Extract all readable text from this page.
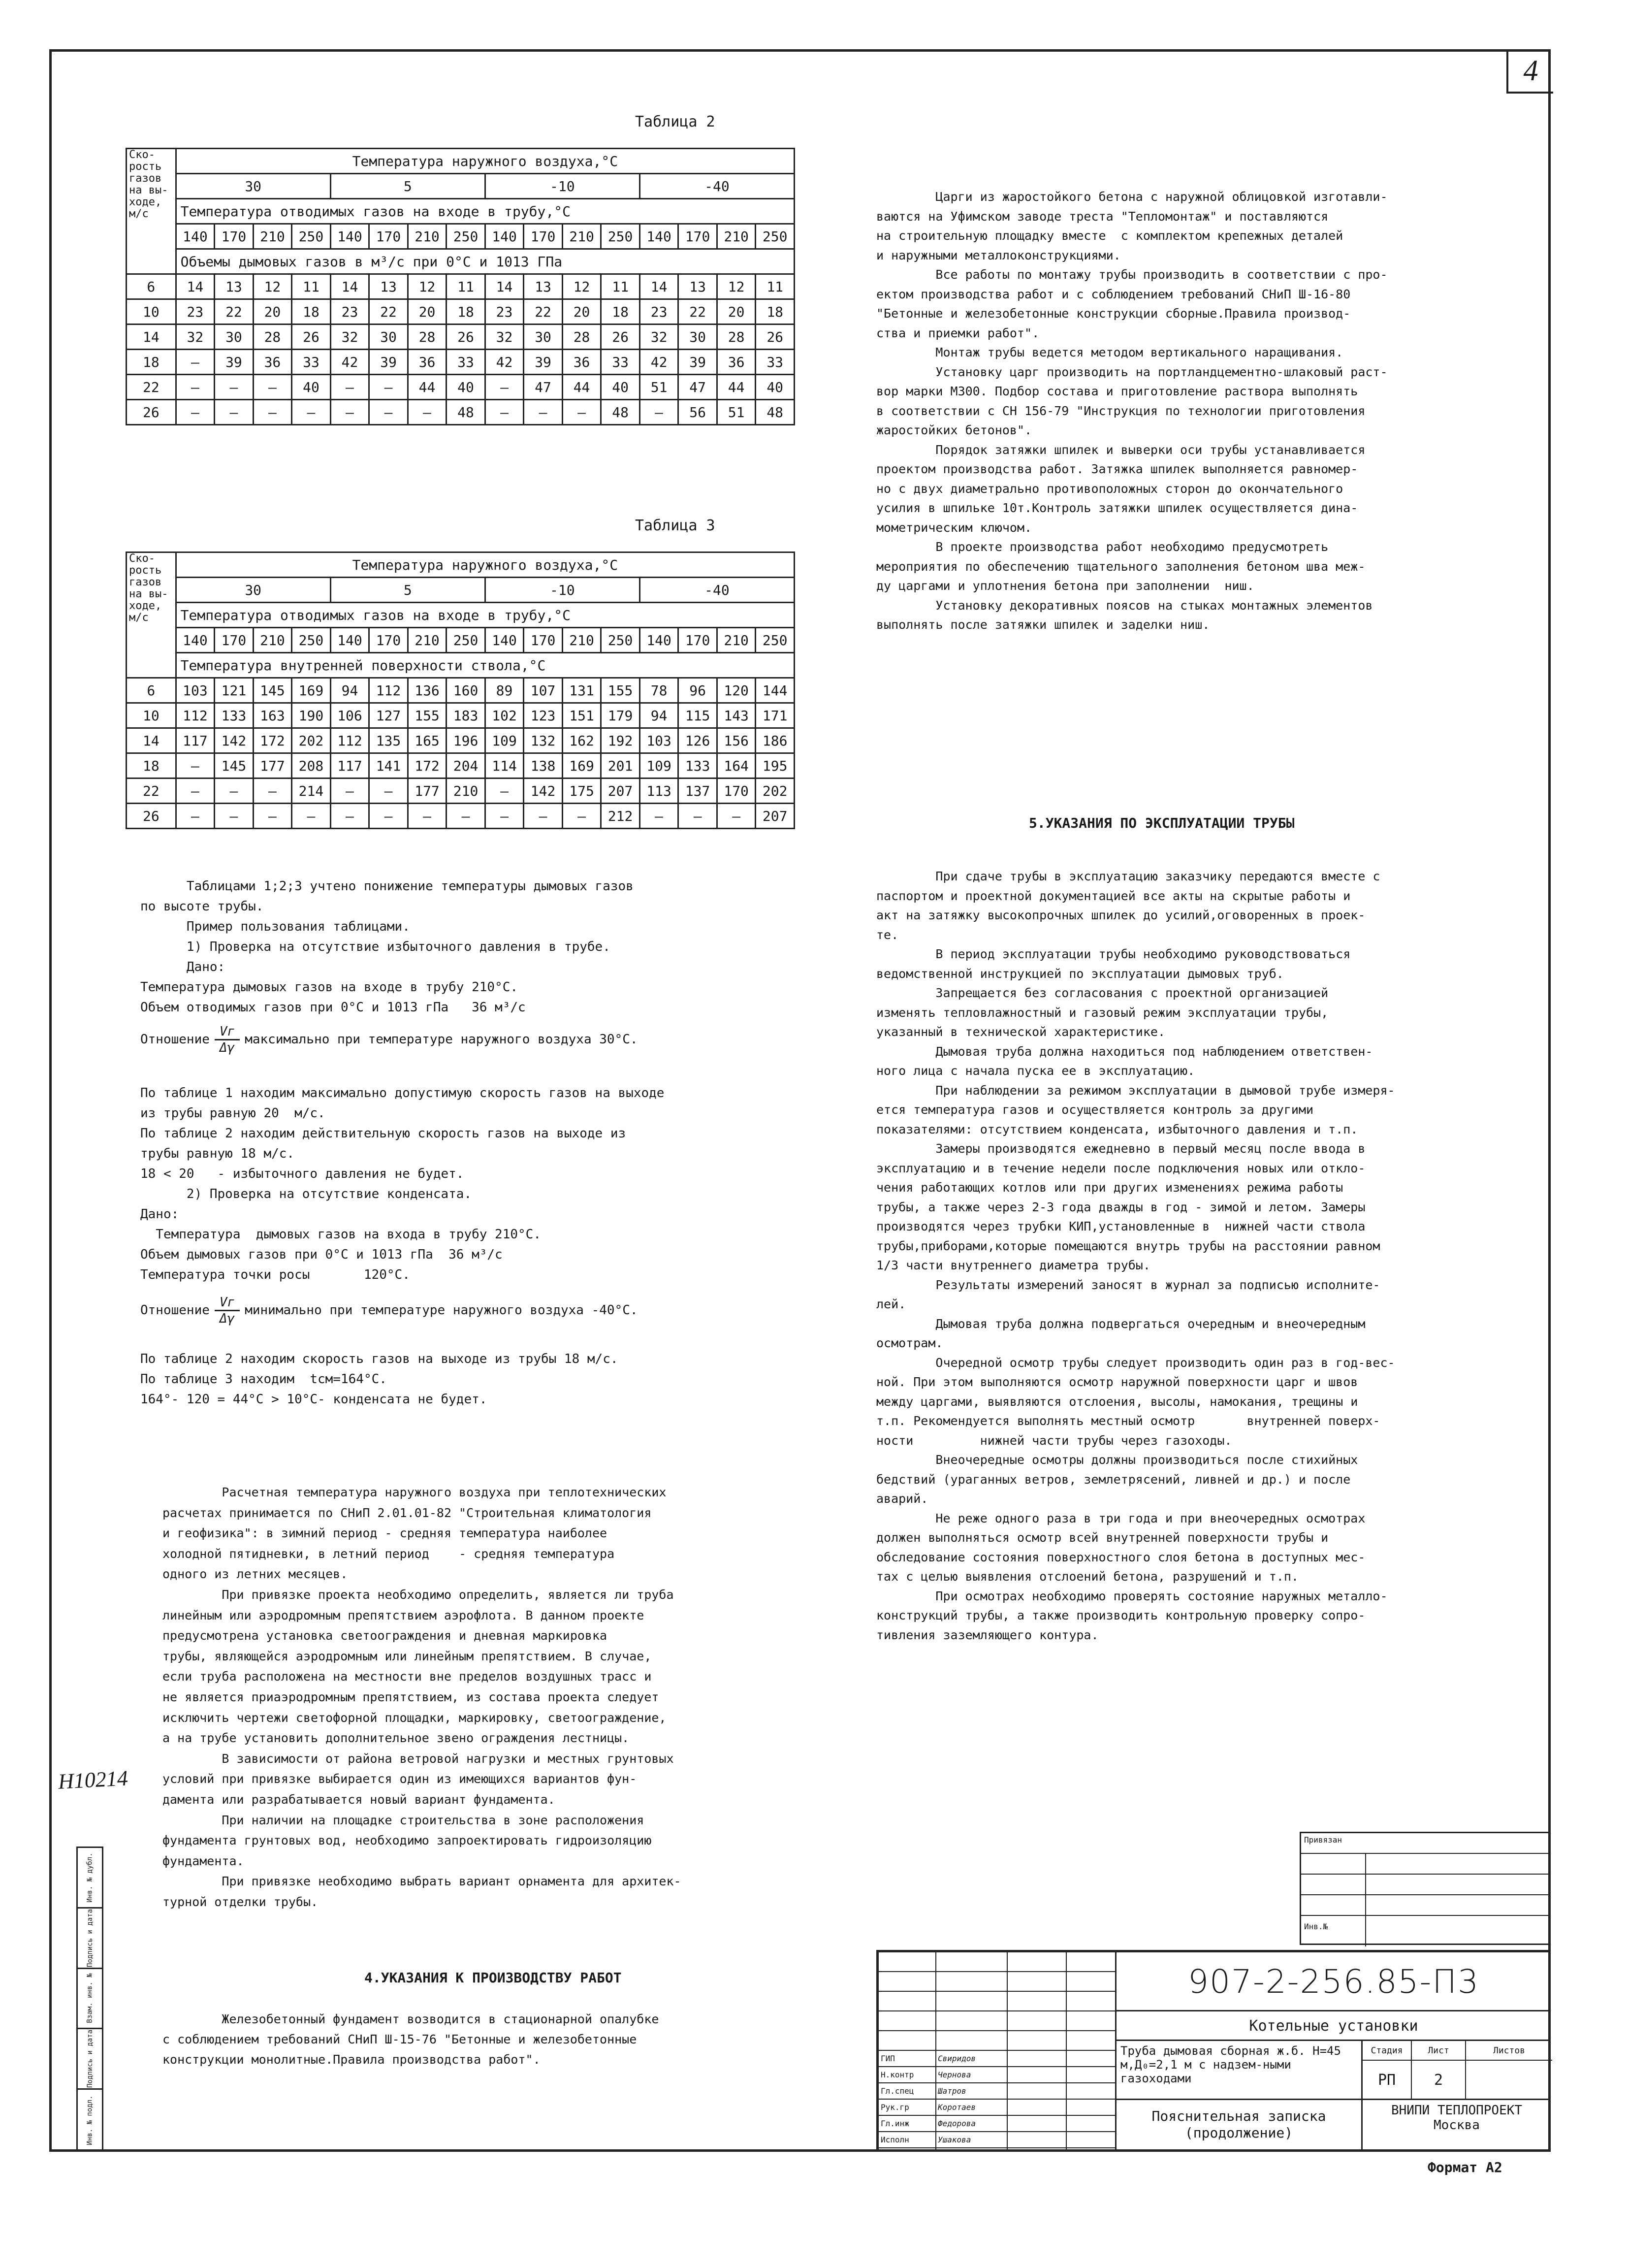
4
Н10214
Инв. № дубл.
Подпись и дата
Взам. инв. №
Подпись и дата
Инв. № подл.
Таблица 2
Ско-рость газов на вы-ходе, м/с	Температура наружного воздуха,°С															
	30				5				-10				-40			
	Температура отводимых газов на входе в трубу,°С															
	140	170	210	250	140	170	210	250	140	170	210	250	140	170	210	250
	Объемы дымовых газов в м³/с при 0°С и 1013 ГПа															
6	14	13	12	11	14	13	12	11	14	13	12	11	14	13	12	11
10	23	22	20	18	23	22	20	18	23	22	20	18	23	22	20	18
14	32	30	28	26	32	30	28	26	32	30	28	26	32	30	28	26
18	—	39	36	33	42	39	36	33	42	39	36	33	42	39	36	33
22	—	—	—	40	—	—	44	40	—	47	44	40	51	47	44	40
26	—	—	—	—	—	—	—	48	—	—	—	48	—	56	51	48
Таблица 3
Ско-рость газов на вы-ходе, м/с	Температура наружного воздуха,°С															
	30				5				-10				-40			
	Температура отводимых газов на входе в трубу,°С															
	140	170	210	250	140	170	210	250	140	170	210	250	140	170	210	250
	Температура внутренней поверхности ствола,°С															
6	103	121	145	169	94	112	136	160	89	107	131	155	78	96	120	144
10	112	133	163	190	106	127	155	183	102	123	151	179	94	115	143	171
14	117	142	172	202	112	135	165	196	109	132	162	192	103	126	156	186
18	—	145	177	208	117	141	172	204	114	138	169	201	109	133	164	195
22	—	—	—	214	—	—	177	210	—	142	175	207	113	137	170	202
26	—	—	—	—	—	—	—	—	—	—	—	212	—	—	—	207
Таблицами 1;2;3 учтено понижение температуры дымовых газов
по высоте трубы.
Пример пользования таблицами.
1) Проверка на отсутствие избыточного давления в трубе.
Дано:
Температура дымовых газов на входе в трубу 210°С.
Объем отводимых газов при 0°С и 1013 гПа   36 м³/с
Отношение $\frac{Vг}{\Delta\gamma}$ максимально при температуре наружного воздуха 30°С.
По таблице 1 находим максимально допустимую скорость газов на выходе
из трубы равную 20  м/с.
По таблице 2 находим действительную скорость газов на выходе из
трубы равную 18 м/с.
18 < 20   - избыточного давления не будет.
2) Проверка на отсутствие конденсата.
Дано:
Температура  дымовых газов на входа в трубу 210°С.
Объем дымовых газов при 0°С и 1013 гПа  36 м³/с
Температура точки росы       120°С.
Отношение $\frac{Vг}{\Delta\gamma}$ минимально при температуре наружного воздуха -40°С.
По таблице 2 находим скорость газов на выходе из трубы 18 м/с.
По таблице 3 находим  tсм=164°С.
164°- 120 = 44°С > 10°С- конденсата не будет.
Расчетная температура наружного воздуха при теплотехнических
расчетах принимается по СНиП 2.01.01-82 "Строительная климатология
и геофизика": в зимний период - средняя температура наиболее
холодной пятидневки, в летний период    - средняя температура
одного из летних месяцев.
При привязке проекта необходимо определить, является ли труба
линейным или аэродромным препятствием аэрофлота. В данном проекте
предусмотрена установка светоограждения и дневная маркировка
трубы, являющейся аэродромным или линейным препятствием. В случае,
если труба расположена на местности вне пределов воздушных трасс и
не является приаэродромным препятствием, из состава проекта следует
исключить чертежи светофорной площадки, маркировку, светоограждение,
а на трубе установить дополнительное звено ограждения лестницы.
В зависимости от района ветровой нагрузки и местных грунтовых
условий при привязке выбирается один из имеющихся вариантов фун-
дамента или разрабатывается новый вариант фундамента.
При наличии на площадке строительства в зоне расположения
фундамента грунтовых вод, необходимо запроектировать гидроизоляцию
фундамента.
При привязке необходимо выбрать вариант орнамента для архитек-
турной отделки трубы.
4.УКАЗАНИЯ К ПРОИЗВОДСТВУ РАБОТ
Железобетонный фундамент возводится в стационарной опалубке
с соблюдением требований СНиП Ш-15-76 "Бетонные и железобетонные
конструкции монолитные.Правила производства работ".
Царги из жаростойкого бетона с наружной облицовкой изготавли-
ваются на Уфимском заводе треста "Тепломонтаж" и поставляются
на строительную площадку вместе  с комплектом крепежных деталей
и наружными металлоконструкциями.
Все работы по монтажу трубы производить в соответствии с про-
ектом производства работ и с соблюдением требований СНиП Ш-16-80
"Бетонные и железобетонные конструкции сборные.Правила производ-
ства и приемки работ".
Монтаж трубы ведется методом вертикального наращивания.
Установку царг производить на портландцементно-шлаковый раст-
вор марки М300. Подбор состава и приготовление раствора выполнять
в соответствии с СН 156-79 "Инструкция по технологии приготовления
жаростойких бетонов".
Порядок затяжки шпилек и выверки оси трубы устанавливается
проектом производства работ. Затяжка шпилек выполняется равномер-
но с двух диаметрально противоположных сторон до окончательного
усилия в шпильке 10т.Контроль затяжки шпилек осуществляется дина-
мометрическим ключом.
В проекте производства работ необходимо предусмотреть
мероприятия по обеспечению тщательного заполнения бетоном шва меж-
ду царгами и уплотнения бетона при заполнении  ниш.
Установку декоративных поясов на стыках монтажных элементов
выполнять после затяжки шпилек и заделки ниш.
5.УКАЗАНИЯ ПО ЭКСПЛУАТАЦИИ ТРУБЫ
При сдаче трубы в эксплуатацию заказчику передаются вместе с
паспортом и проектной документацией все акты на скрытые работы и
акт на затяжку высокопрочных шпилек до усилий,оговоренных в проек-
те.
В период эксплуатации трубы необходимо руководствоваться
ведомственной инструкцией по эксплуатации дымовых труб.
Запрещается без согласования с проектной организацией
изменять тепловлажностный и газовый режим эксплуатации трубы,
указанный в технической характеристике.
Дымовая труба должна находиться под наблюдением ответствен-
ного лица с начала пуска ее в эксплуатацию.
При наблюдении за режимом эксплуатации в дымовой трубе измеря-
ется температура газов и осуществляется контроль за другими
показателями: отсутствием конденсата, избыточного давления и т.п.
Замеры производятся ежедневно в первый месяц после ввода в
эксплуатацию и в течение недели после подключения новых или откло-
чения работающих котлов или при других изменениях режима работы
трубы, а также через 2-3 года дважды в год - зимой и летом. Замеры
производятся через трубки КИП,установленные в  нижней части ствола
трубы,приборами,которые помещаются внутрь трубы на расстоянии равном
1/3 части внутреннего диаметра трубы.
Результаты измерений заносят в журнал за подписью исполните-
лей.
Дымовая труба должна подвергаться очередным и внеочередным
осмотрам.
Очередной осмотр трубы следует производить один раз в год-вес-
ной. При этом выполняются осмотр наружной поверхности царг и швов
между царгами, выявляются отслоения, высолы, намокания, трещины и
т.п. Рекомендуется выполнять местный осмотр       внутренней поверх-
ности         нижней части трубы через газоходы.
Внеочередные осмотры должны производиться после стихийных
бедствий (ураганных ветров, землетрясений, ливней и др.) и после
аварий.
Не реже одного раза в три года и при внеочередных осмотрах
должен выполняться осмотр всей внутренней поверхности трубы и
обследование состояния поверхностного слоя бетона в доступных мес-
тах с целью выявления отслоений бетона, разрушений и т.п.
При осмотрах необходимо проверять состояние наружных металло-
конструкций трубы, а также производить контрольную проверку сопро-
тивления заземляющего контура.
Привязан
Инв.№
ГИП	Свиридов
Н.контр	Чернова
Гл.спец	Шатров
Рук.гр	Коротаев
Гл.инж	Федорова
Исполн	Ушакова
907-2-256.85-П3
Котельные установки
Труба дымовая сборная ж.б. Н=45 м,Д₀=2,1 м с надзем-ными газоходами
Стадия	Лист	Листов
РП	2
Пояснительная записка (продолжение)
ВНИПИ ТЕПЛОПРОЕКТ Москва
Формат А2
